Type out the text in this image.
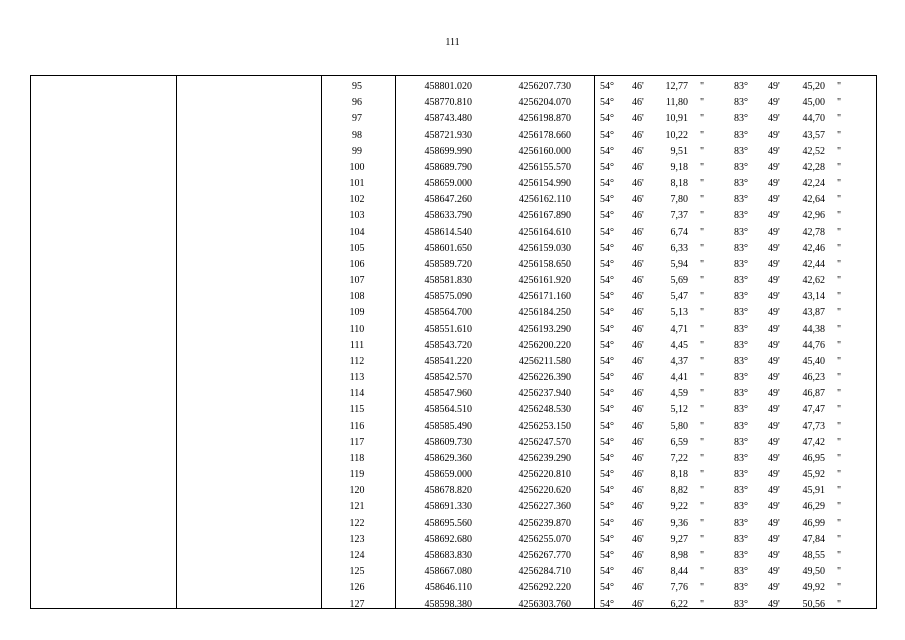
111
95	458801.020	4256207.730	54° 46'	12,77 "	83° 49'	45,20 "
96	458770.810	4256204.070	54° 46'	11,80 "	83° 49'	45,00 "
97	458743.480	4256198.870	54° 46'	10,91 "	83° 49'	44,70 "
98	458721.930	4256178.660	54° 46'	10,22 "	83° 49'	43,57 "
99	458699.990	4256160.000	54° 46'	9,51 "	83° 49'	42,52 "
100	458689.790	4256155.570	54° 46'	9,18 "	83° 49'	42,28 "
101	458659.000	4256154.990	54° 46'	8,18 "	83° 49'	42,24 "
102	458647.260	4256162.110	54° 46'	7,80 "	83° 49'	42,64 "
103	458633.790	4256167.890	54° 46'	7,37 "	83° 49'	42,96 "
104	458614.540	4256164.610	54° 46'	6,74 "	83° 49'	42,78 "
105	458601.650	4256159.030	54° 46'	6,33 "	83° 49'	42,46 "
106	458589.720	4256158.650	54° 46'	5,94 "	83° 49'	42,44 "
107	458581.830	4256161.920	54° 46'	5,69 "	83° 49'	42,62 "
108	458575.090	4256171.160	54° 46'	5,47 "	83° 49'	43,14 "
109	458564.700	4256184.250	54° 46'	5,13 "	83° 49'	43,87 "
110	458551.610	4256193.290	54° 46'	4,71 "	83° 49'	44,38 "
111	458543.720	4256200.220	54° 46'	4,45 "	83° 49'	44,76 "
112	458541.220	4256211.580	54° 46'	4,37 "	83° 49'	45,40 "
113	458542.570	4256226.390	54° 46'	4,41 "	83° 49'	46,23 "
114	458547.960	4256237.940	54° 46'	4,59 "	83° 49'	46,87 "
115	458564.510	4256248.530	54° 46'	5,12 "	83° 49'	47,47 "
116	458585.490	4256253.150	54° 46'	5,80 "	83° 49'	47,73 "
117	458609.730	4256247.570	54° 46'	6,59 "	83° 49'	47,42 "
118	458629.360	4256239.290	54° 46'	7,22 "	83° 49'	46,95 "
119	458659.000	4256220.810	54° 46'	8,18 "	83° 49'	45,92 "
120	458678.820	4256220.620	54° 46'	8,82 "	83° 49'	45,91 "
121	458691.330	4256227.360	54° 46'	9,22 "	83° 49'	46,29 "
122	458695.560	4256239.870	54° 46'	9,36 "	83° 49'	46,99 "
123	458692.680	4256255.070	54° 46'	9,27 "	83° 49'	47,84 "
124	458683.830	4256267.770	54° 46'	8,98 "	83° 49'	48,55 "
125	458667.080	4256284.710	54° 46'	8,44 "	83° 49'	49,50 "
126	458646.110	4256292.220	54° 46'	7,76 "	83° 49'	49,92 "
127	458598.380	4256303.760	54° 46'	6,22 "	83° 49'	50,56 "
